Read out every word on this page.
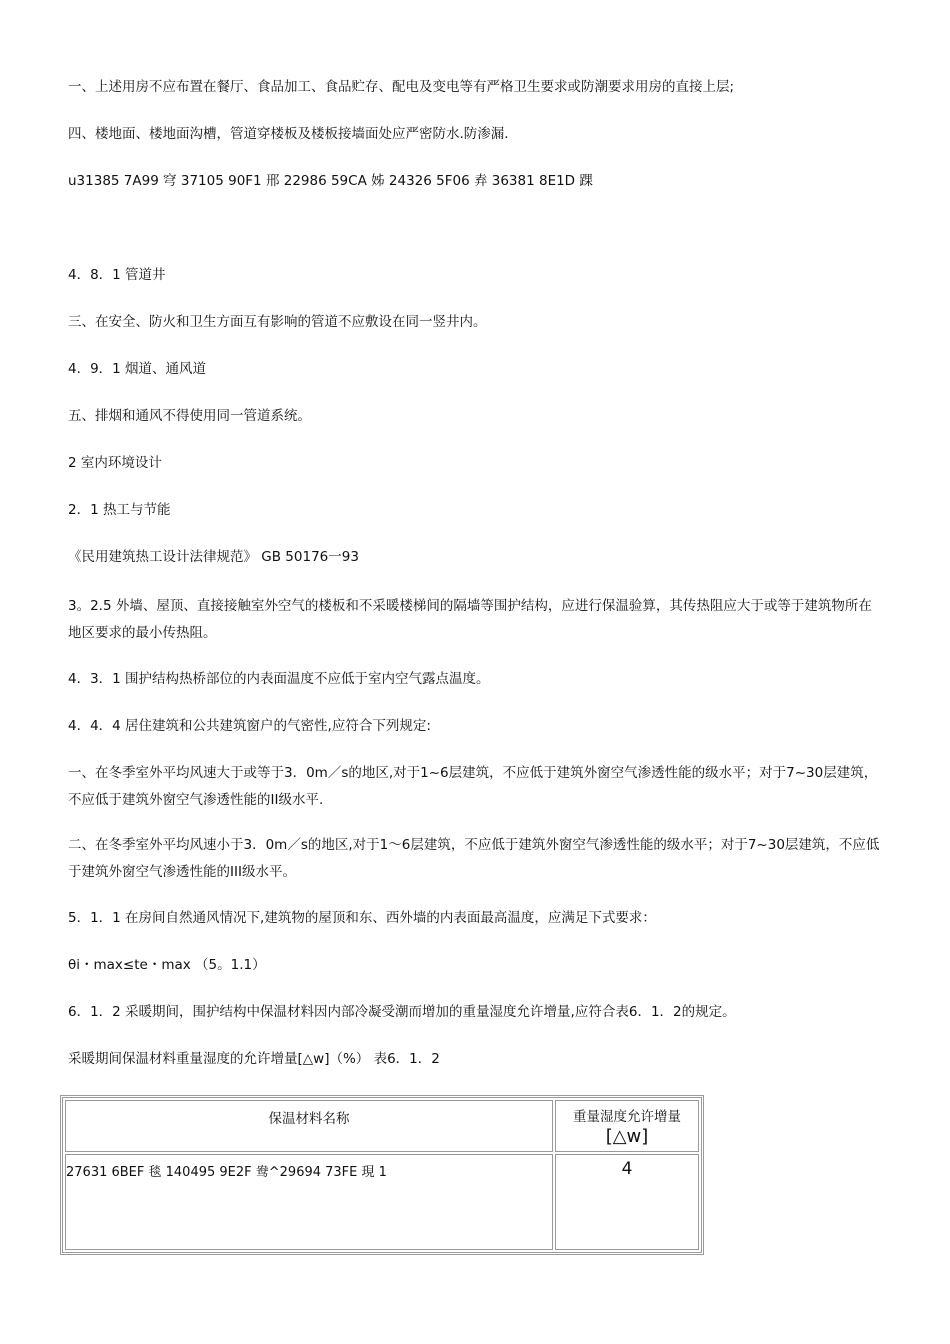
一、上述用房不应布置在餐厅、食品加工、食品贮存、配电及变电等有严格卫生要求或防潮要求用房的直接上层;

四、楼地面、楼地面沟槽，管道穿楼板及楼板接墙面处应严密防水.防渗漏.

u31385 7A99 穹 37105 90F1 邢 22986 59CA 姊 24326 5F06 弆 36381 8E1D 踝

4．8．1 管道井

三、在安全、防火和卫生方面互有影响的管道不应敷设在同一竖井内。

4．9．1 烟道、通风道

五、排烟和通风不得使用同一管道系统。

2 室内环境设计

2．1 热工与节能

《民用建筑热工设计法律规范》 GB 50176一93

3。2.5 外墙、屋顶、直接接触室外空气的楼板和不采暖楼梯间的隔墙等围护结构，应进行保温验算，其传热阻应大于或等于建筑物所在地区要求的最小传热阻。

4．3．1 围护结构热桥部位的内表面温度不应低于室内空气露点温度。

4．4．4 居住建筑和公共建筑窗户的气密性,应符合下列规定:

一、在冬季室外平均风速大于或等于3．0m／s的地区,对于1~6层建筑，不应低于建筑外窗空气渗透性能的级水平；对于7~30层建筑，不应低于建筑外窗空气渗透性能的II级水平.

二、在冬季室外平均风速小于3．0m／s的地区,对于1～6层建筑，不应低于建筑外窗空气渗透性能的级水平；对于7~30层建筑，不应低于建筑外窗空气渗透性能的III级水平。

5．1．1 在房间自然通风情况下,建筑物的屋顶和东、西外墙的内表面最高温度，应满足下式要求：

θi・max≤te・max （5。1.1）

6．1．2 采暖期间，围护结构中保温材料因内部冷凝受潮而增加的重量湿度允许增量,应符合表6．1．2的规定。

采暖期间保温材料重量湿度的允许增量[△w]（%） 表6．1．2

保温材料名称	重量湿度允许增量
[△w]
27631 6BEF 毯 140495 9E2F 鸯^29694 73FE 現 1	4
